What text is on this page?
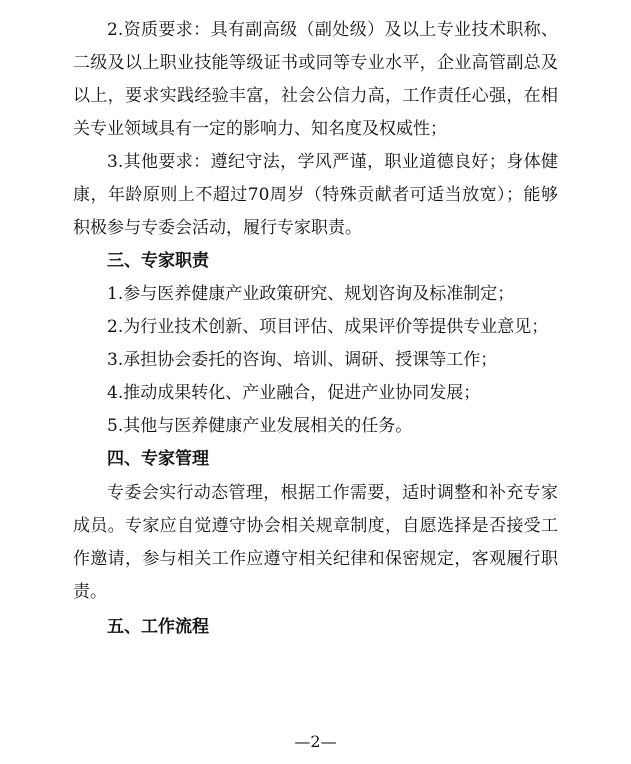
2.资质要求：具有副高级（副处级）及以上专业技术职称、二级及以上职业技能等级证书或同等专业水平，企业高管副总及以上，要求实践经验丰富，社会公信力高，工作责任心强，在相关专业领域具有一定的影响力、知名度及权威性；

3.其他要求：遵纪守法，学风严谨，职业道德良好；身体健康，年龄原则上不超过70周岁（特殊贡献者可适当放宽）；能够积极参与专委会活动，履行专家职责。

三、专家职责

1.参与医养健康产业政策研究、规划咨询及标准制定；

2.为行业技术创新、项目评估、成果评价等提供专业意见；

3.承担协会委托的咨询、培训、调研、授课等工作；

4.推动成果转化、产业融合，促进产业协同发展；

5.其他与医养健康产业发展相关的任务。

四、专家管理

专委会实行动态管理，根据工作需要，适时调整和补充专家成员。专家应自觉遵守协会相关规章制度，自愿选择是否接受工作邀请，参与相关工作应遵守相关纪律和保密规定，客观履行职责。

五、工作流程

—2—
